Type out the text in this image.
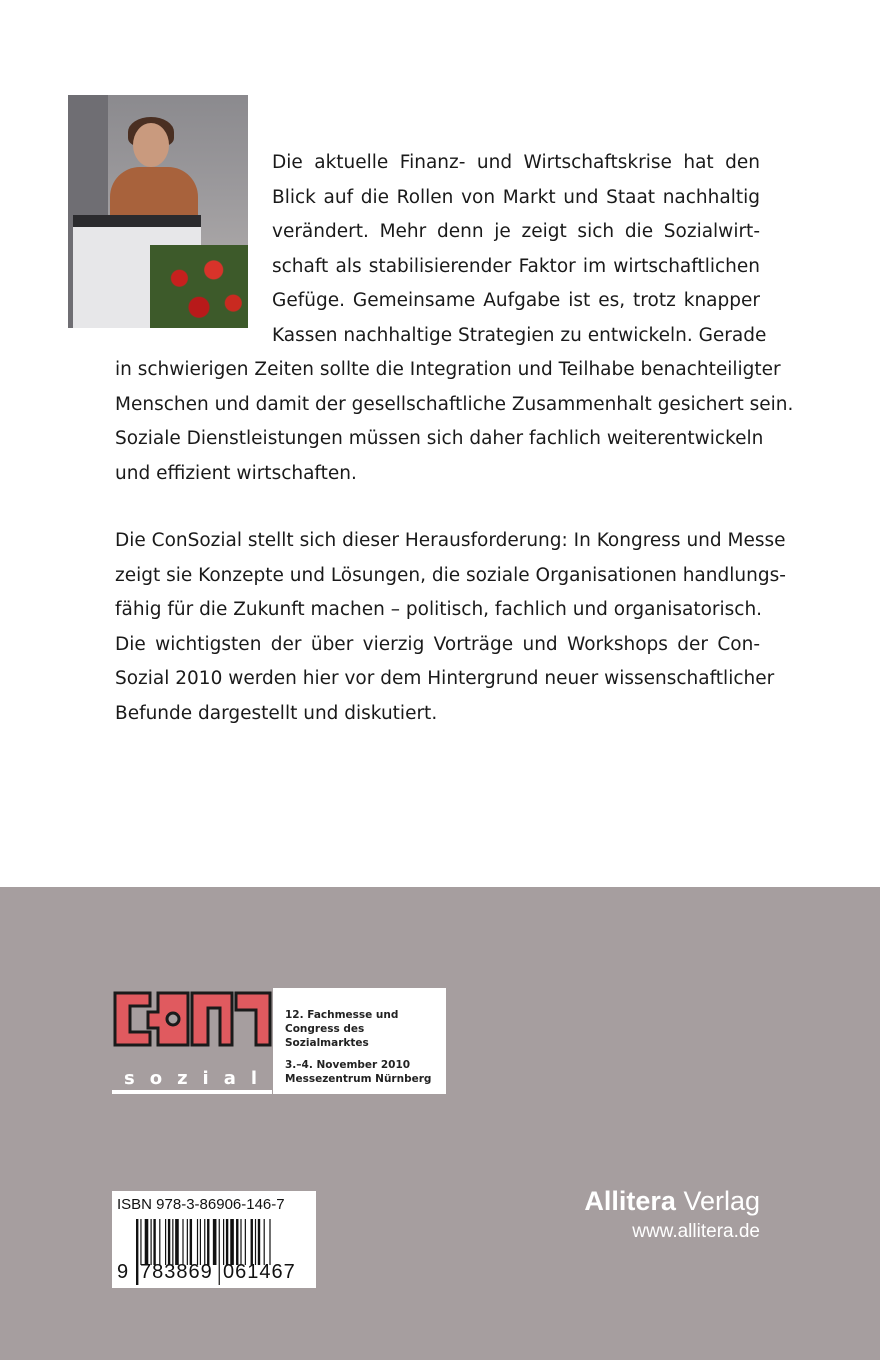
Die aktuelle Finanz- und Wirtschaftskrise hat den
Blick auf die Rollen von Markt und Staat nachhaltig
verändert. Mehr denn je zeigt sich die Sozialwirt-
schaft als stabilisierender Faktor im wirtschaftlichen
Gefüge. Gemeinsame Aufgabe ist es, trotz knapper
Kassen nachhaltige Strategien zu entwickeln. Gerade
in schwierigen Zeiten sollte die Integration und Teilhabe benachteiligter
Menschen und damit der gesellschaftliche Zusammenhalt gesichert sein.
Soziale Dienstleistungen müssen sich daher fachlich weiterentwickeln
und effizient wirtschaften.
Die ConSozial stellt sich dieser Herausforderung: In Kongress und Messe
zeigt sie Konzepte und Lösungen, die soziale Organisationen handlungs-
fähig für die Zukunft machen – politisch, fachlich und organisatorisch.
Die wichtigsten der über vierzig Vorträge und Workshops der Con-
Sozial 2010 werden hier vor dem Hintergrund neuer wissenschaftlicher
Befunde dargestellt und diskutiert.
sozial
12. Fachmesse und
Congress des Sozialmarktes
3.–4. November 2010
Messezentrum Nürnberg
ISBN 978-3-86906-146-7
9 783869 061467
Allitera Verlag
www.allitera.de
